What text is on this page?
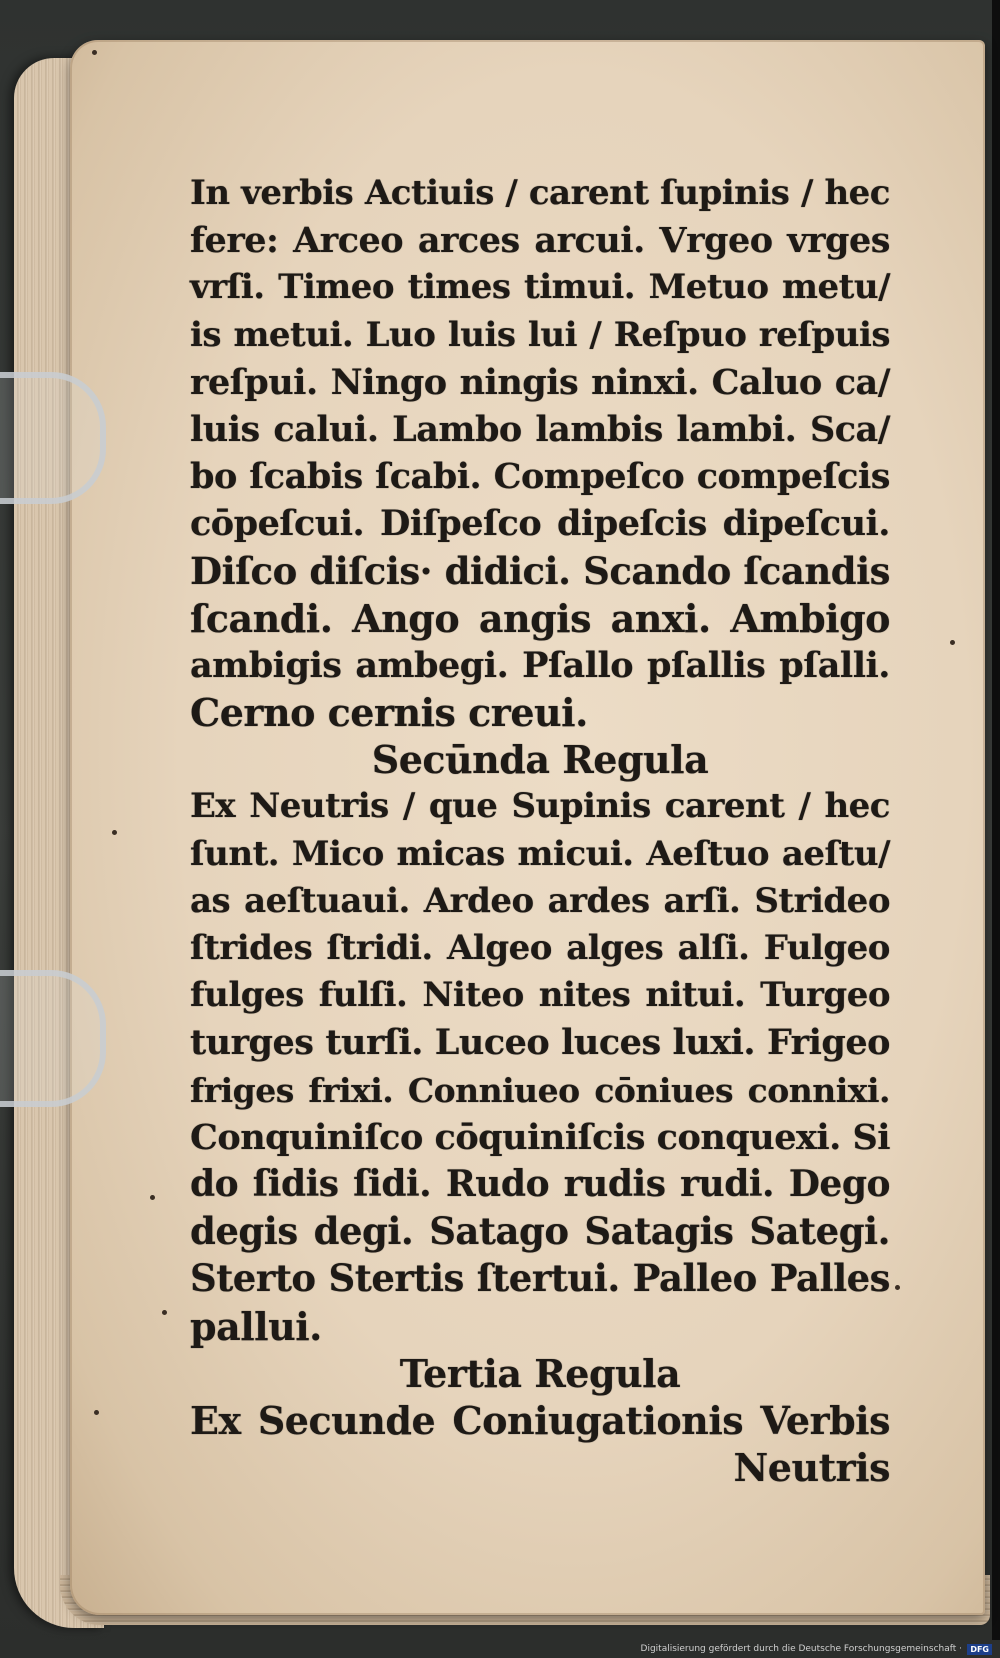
In verbis Actiuis / carent ſupinis / hec
fere: Arceo arces arcui. Vrgeo vrges
vrſi. Timeo times timui. Metuo metu/
is metui. Luo luis lui / Reſpuo reſpuis
reſpui. Ningo ningis ninxi. Caluo ca/
luis calui. Lambo lambis lambi. Sca/
bo ſcabis ſcabi. Compeſco compeſcis
cōpeſcui. Diſpeſco dipeſcis dipeſcui.
Diſco diſcis· didici. Scando ſcandis
ſcandi. Ango angis anxi. Ambigo
ambigis ambegi. Pſallo pſallis pſalli.
Cerno cernis creui.
Secūnda Regula
Ex Neutris / que Supinis carent / hec
ſunt. Mico micas micui. Aeſtuo aeſtu/
as aeſtuaui. Ardeo ardes arſi. Strideo
ſtrides ſtridi. Algeo alges alſi. Fulgeo
fulges fulſi. Niteo nites nitui. Turgeo
turges turſi. Luceo luces luxi. Frigeo
friges frixi. Conniueo cōniues connixi.
Conquiniſco cōquiniſcis conquexi. Si
do ſidis ſidi. Rudo rudis rudi. Dego
degis degi. Satago Satagis Sategi.
Sterto Stertis ſtertui. Palleo Palles
pallui.
Tertia Regula
Ex Secunde Coniugationis Verbis
Neutris
Digitalisierung gefördert durch die Deutsche Forschungsgemeinschaft ·	DFG
